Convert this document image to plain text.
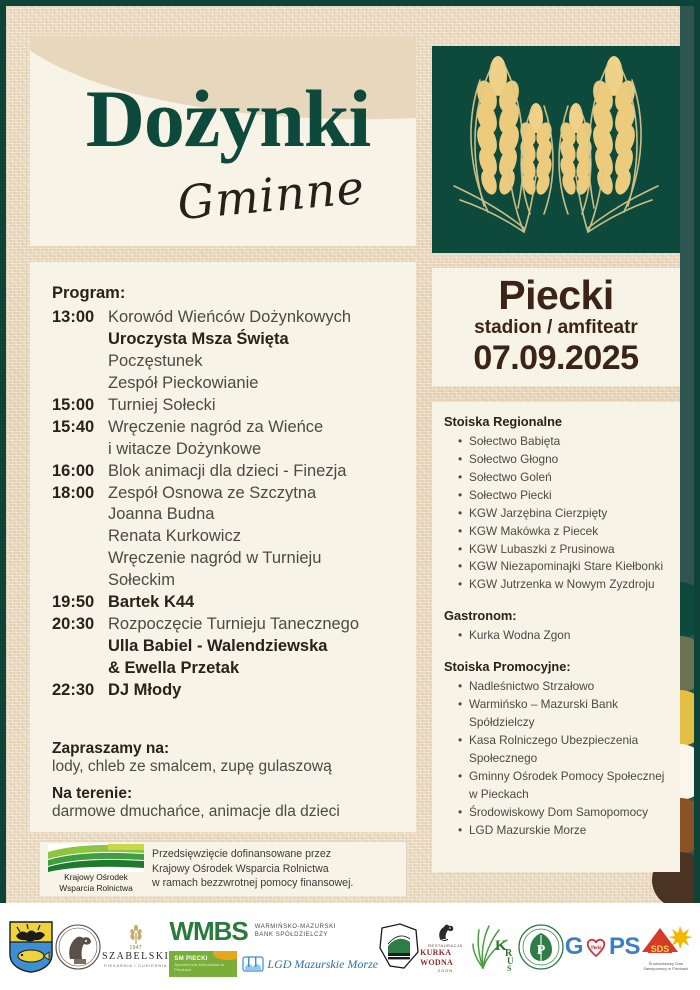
Dożynki
Gminne
Program:
13:00 Korowód Wieńców Dożynkowych
Uroczysta Msza Święta
Poczęstunek
Zespół Pieckowianie
15:00 Turniej Sołecki
15:40 Wręczenie nagród za Wieńce
i witacze Dożynkowe
16:00 Blok animacji dla dzieci - Finezja
18:00 Zespół Osnowa ze Szczytna
Joanna Budna
Renata Kurkowicz
Wręczenie nagród w Turnieju
Sołeckim
19:50 Bartek K44
20:30 Rozpoczęcie Turnieju Tanecznego
Ulla Babiel - Walendziewska
& Ewella Przetak
22:30 DJ Młody
Zapraszamy na:
lody, chleb ze smalcem, zupę gulaszową
Na terenie:
darmowe dmuchańce, animacje dla dzieci
Krajowy Ośrodek
Wsparcia Rolnictwa
Przedsięwzięcie dofinansowane przez
Krajowy Ośrodek Wsparcia Rolnictwa
w ramach bezzwrotnej pomocy finansowej.
Piecki
stadion / amfiteatr
07.09.2025
Stoiska Regionalne
• Sołectwo Babięta
• Sołectwo Głogno
• Sołectwo Goleń
• Sołectwo Piecki
• KGW Jarzębina Cierzpięty
• KGW Makówka z Piecek
• KGW Lubaszki z Prusinowa
• KGW Niezapominajki Stare Kiełbonki
• KGW Jutrzenka w Nowym Zyzdroju
Gastronom:
• Kurka Wodna Zgon
Stoiska Promocyjne:
• Nadleśnictwo Strzałowo
• Warmińsko – Mazurski Bank Spółdzielczy
• Kasa Rolniczego Ubezpieczenia Społecznego
• Gminny Ośrodek Pomocy Społecznej w Pieckach
• Środowiskowy Dom Samopomocy
• LGD Mazurskie Morze
1947
SZABELSKI
PIEKARNIA I CUKIERNIA
WMBS WARMIŃSKO-MAZURSKI
BANK SPÓŁDZIELCZY
SM PIECKI
Spółdzielnia Mleczarska w Pieckach	LGD Mazurskie Morze
RESTAURACJA
KURKA WODNA
ZGON
K
R
U
S
P G Piecki PS SDS
Środowiskowy Dom Samopomocy w Pieckach
